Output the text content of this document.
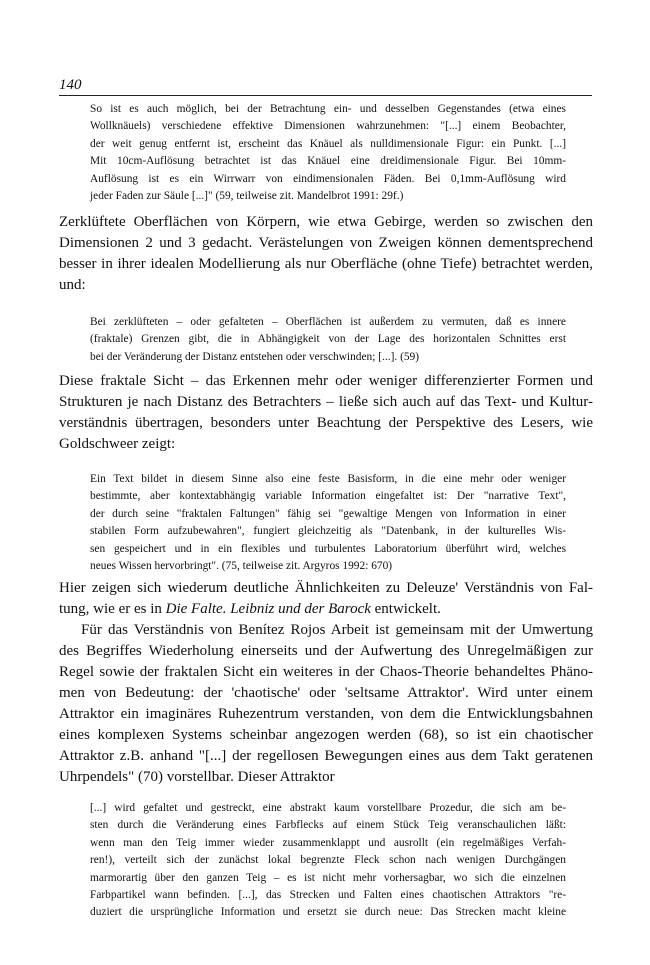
140
So ist es auch möglich, bei der Betrachtung ein- und desselben Gegenstandes (etwa eines
Wollknäuels) verschiedene effektive Dimensionen wahrzunehmen: "[...] einem Beobachter,
der weit genug entfernt ist, erscheint das Knäuel als nulldimensionale Figur: ein Punkt. [...]
Mit 10cm-Auflösung betrachtet ist das Knäuel eine dreidimensionale Figur. Bei 10mm-
Auflösung ist es ein Wirrwarr von eindimensionalen Fäden. Bei 0,1mm-Auflösung wird
jeder Faden zur Säule [...]" (59, teilweise zit. Mandelbrot 1991: 29f.)
Zerklüftete Oberflächen von Körpern, wie etwa Gebirge, werden so zwischen den
Dimensionen 2 und 3 gedacht. Verästelungen von Zweigen können dementsprechend
besser in ihrer idealen Modellierung als nur Oberfläche (ohne Tiefe) betrachtet werden,
und:
Bei zerklüfteten – oder gefalteten – Oberflächen ist außerdem zu vermuten, daß es innere
(fraktale) Grenzen gibt, die in Abhängigkeit von der Lage des horizontalen Schnittes erst
bei der Veränderung der Distanz entstehen oder verschwinden; [...]. (59)
Diese fraktale Sicht – das Erkennen mehr oder weniger differenzierter Formen und
Strukturen je nach Distanz des Betrachters – ließe sich auch auf das Text- und Kultur-
verständnis übertragen, besonders unter Beachtung der Perspektive des Lesers, wie
Goldschweer zeigt:
Ein Text bildet in diesem Sinne also eine feste Basisform, in die eine mehr oder weniger
bestimmte, aber kontextabhängig variable Information eingefaltet ist: Der "narrative Text",
der durch seine "fraktalen Faltungen" fähig sei "gewaltige Mengen von Information in einer
stabilen Form aufzubewahren", fungiert gleichzeitig als "Datenbank, in der kulturelles Wis-
sen gespeichert und in ein flexibles und turbulentes Laboratorium überführt wird, welches
neues Wissen hervorbringt". (75, teilweise zit. Argyros 1992: 670)
Hier zeigen sich wiederum deutliche Ähnlichkeiten zu Deleuze' Verständnis von Fal-
tung, wie er es in Die Falte. Leibniz und der Barock entwickelt.
Für das Verständnis von Benítez Rojos Arbeit ist gemeinsam mit der Umwertung
des Begriffes Wiederholung einerseits und der Aufwertung des Unregelmäßigen zur
Regel sowie der fraktalen Sicht ein weiteres in der Chaos-Theorie behandeltes Phäno-
men von Bedeutung: der 'chaotische' oder 'seltsame Attraktor'. Wird unter einem
Attraktor ein imaginäres Ruhezentrum verstanden, von dem die Entwicklungsbahnen
eines komplexen Systems scheinbar angezogen werden (68), so ist ein chaotischer
Attraktor z.B. anhand "[...] der regellosen Bewegungen eines aus dem Takt geratenen
Uhrpendels" (70) vorstellbar. Dieser Attraktor
[...] wird gefaltet und gestreckt, eine abstrakt kaum vorstellbare Prozedur, die sich am be-
sten durch die Veränderung eines Farbflecks auf einem Stück Teig veranschaulichen läßt:
wenn man den Teig immer wieder zusammenklappt und ausrollt (ein regelmäßiges Verfah-
ren!), verteilt sich der zunächst lokal begrenzte Fleck schon nach wenigen Durchgängen
marmorartig über den ganzen Teig – es ist nicht mehr vorhersagbar, wo sich die einzelnen
Farbpartikel wann befinden. [...], das Strecken und Falten eines chaotischen Attraktors "re-
duziert die ursprüngliche Information und ersetzt sie durch neue: Das Strecken macht kleine
